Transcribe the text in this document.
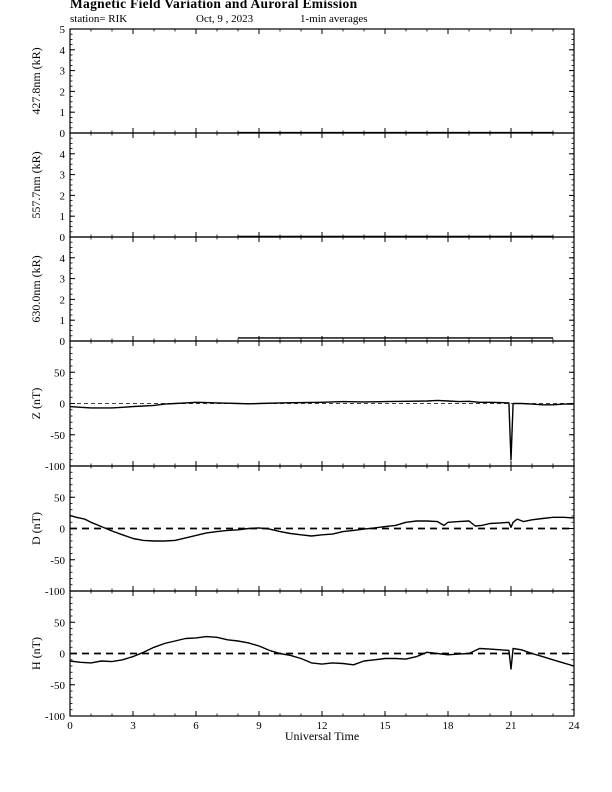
Magnetic Field Variation and Auroral Emission
station= RIK	Oct, 9 , 2023	1-min averages
0
1
2
3
4
5
427.8nm (kR)
0
1
2
3
4
557.7nm (kR)
0
1
2
3
4
630.0nm (kR)
-100
-50
0
50
Z (nT)
-100
-50
0
50
D (nT)
-100
-50
0
50
H (nT)
0	3	6	9	12	15	18	21	24
Universal Time
